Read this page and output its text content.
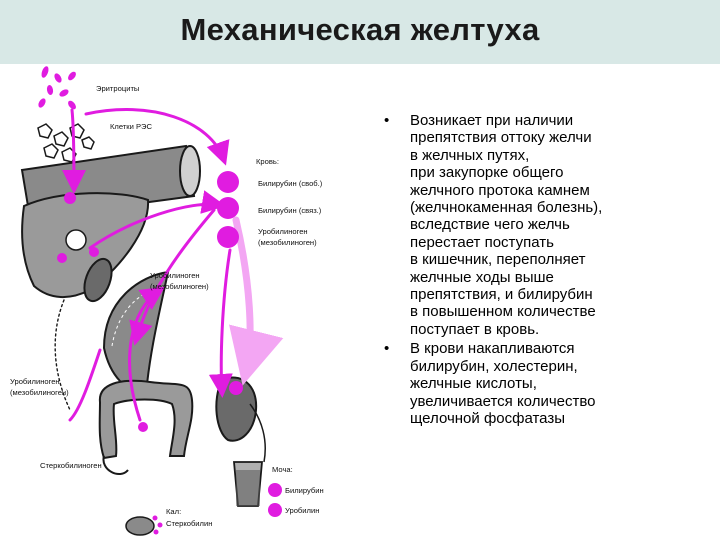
Механическая желтуха
Эритроциты
Клетки РЭС
Кровь:
Билирубин (своб.)
Билирубин (связ.)
Уробилиноген
(мезобилиноген)
Уробилиноген
(мезобилиноген)
Уробилиноген
(мезобилиноген)
Стеркобилиноген	Моча:
Билирубин
Уробилин
Кал:
Стеркобилин
• Возникает при наличии
препятствия оттоку желчи
в желчных путях,
при закупорке общего
желчного протока камнем
(желчнокаменная болезнь),
вследствие чего желчь
перестает поступать
в кишечник, переполняет
желчные ходы выше
препятствия, и билирубин
в повышенном количестве
поступает в кровь.
• В крови накапливаются
билирубин, холестерин,
желчные кислоты,
увеличивается количество
щелочной фосфатазы
